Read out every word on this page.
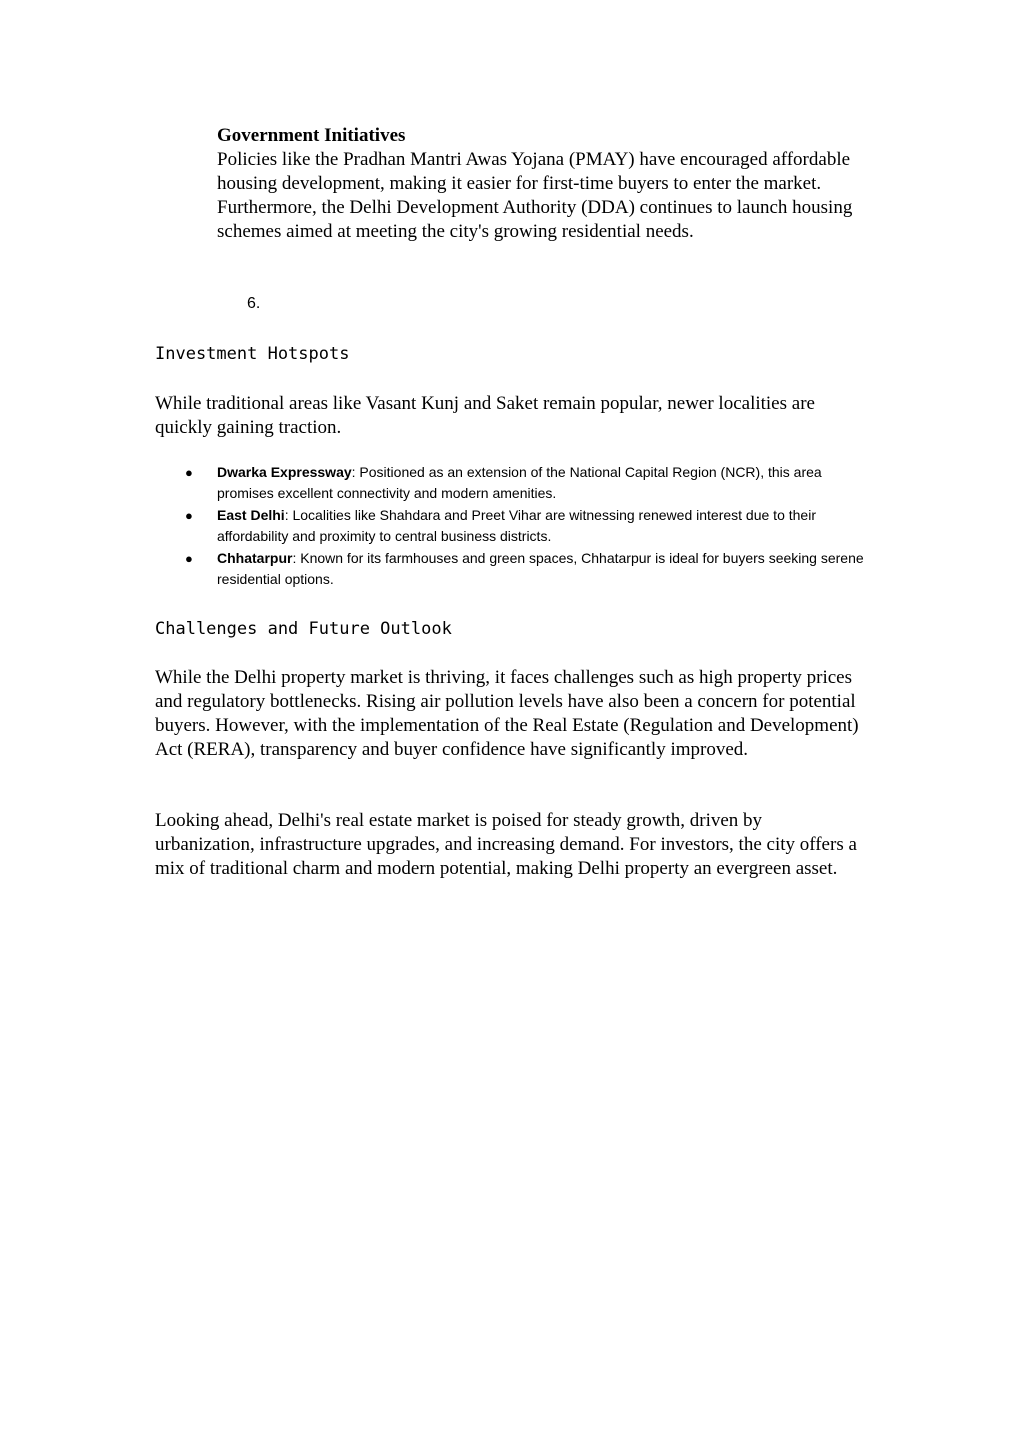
Government Initiatives
Policies like the Pradhan Mantri Awas Yojana (PMAY) have encouraged affordable housing development, making it easier for first-time buyers to enter the market. Furthermore, the Delhi Development Authority (DDA) continues to launch housing schemes aimed at meeting the city's growing residential needs.
6.
Investment Hotspots

While traditional areas like Vasant Kunj and Saket remain popular, newer localities are quickly gaining traction.

● Dwarka Expressway: Positioned as an extension of the National Capital Region (NCR), this area promises excellent connectivity and modern amenities.
● East Delhi: Localities like Shahdara and Preet Vihar are witnessing renewed interest due to their affordability and proximity to central business districts.
● Chhatarpur: Known for its farmhouses and green spaces, Chhatarpur is ideal for buyers seeking serene residential options.
Challenges and Future Outlook

While the Delhi property market is thriving, it faces challenges such as high property prices and regulatory bottlenecks. Rising air pollution levels have also been a concern for potential buyers. However, with the implementation of the Real Estate (Regulation and Development) Act (RERA), transparency and buyer confidence have significantly improved.

Looking ahead, Delhi's real estate market is poised for steady growth, driven by urbanization, infrastructure upgrades, and increasing demand. For investors, the city offers a mix of traditional charm and modern potential, making Delhi property an evergreen asset.
